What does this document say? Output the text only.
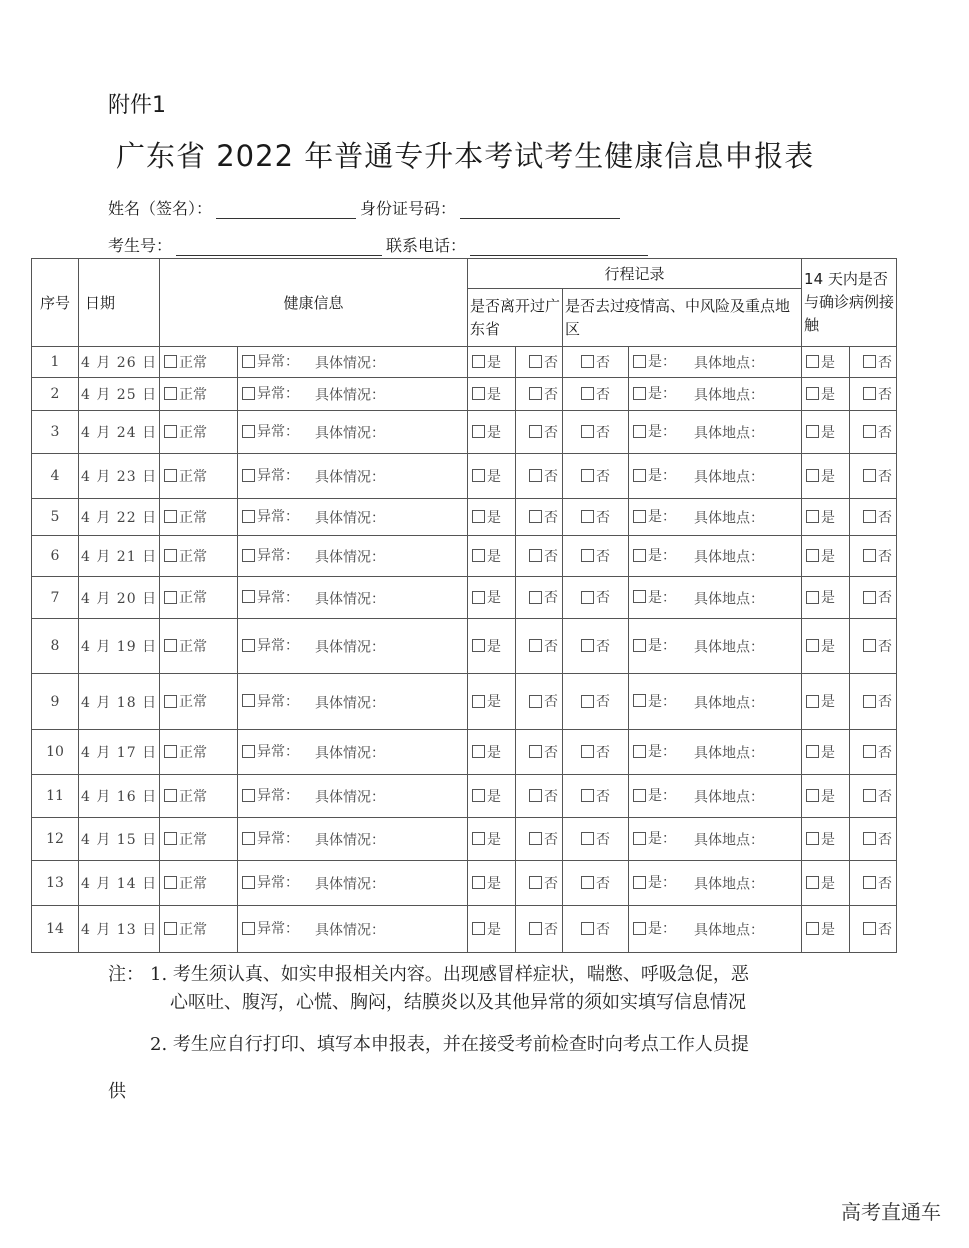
附件1
广东省 2022 年普通专升本考试考生健康信息申报表
姓名（签名）：	身份证号码：
考生号：	联系电话：
序号	日期	健康信息		行程记录				14 天内是否与确诊病例接触	
				是否离开过广东省		是否去过疫情高、中风险及重点地区			
1	4 月 26 日	正常	异常： 具体情况：	是	否	否	是： 具体地点：	是	否

2	4 月 25 日	正常	异常： 具体情况：	是	否	否	是： 具体地点：	是	否

3	4 月 24 日	正常	异常： 具体情况：	是	否	否	是： 具体地点：	是	否

4	4 月 23 日	正常	异常： 具体情况：	是	否	否	是： 具体地点：	是	否

5	4 月 22 日	正常	异常： 具体情况：	是	否	否	是： 具体地点：	是	否

6	4 月 21 日	正常	异常： 具体情况：	是	否	否	是： 具体地点：	是	否

7	4 月 20 日	正常	异常： 具体情况：	是	否	否	是： 具体地点：	是	否

8	4 月 19 日	正常	异常： 具体情况：	是	否	否	是： 具体地点：	是	否

9	4 月 18 日	正常	异常： 具体情况：	是	否	否	是： 具体地点：	是	否

10	4 月 17 日	正常	异常： 具体情况：	是	否	否	是： 具体地点：	是	否

11	4 月 16 日	正常	异常： 具体情况：	是	否	否	是： 具体地点：	是	否

12	4 月 15 日	正常	异常： 具体情况：	是	否	否	是： 具体地点：	是	否

13	4 月 14 日	正常	异常： 具体情况：	是	否	否	是： 具体地点：	是	否

14	4 月 13 日	正常	异常： 具体情况：	是	否	否	是： 具体地点：	是	否
注： 1. 考生须认真、如实申报相关内容。出现感冒样症状，喘憋、呼吸急促，恶
心呕吐、腹泻，心慌、胸闷，结膜炎以及其他异常的须如实填写信息情况
2. 考生应自行打印、填写本申报表，并在接受考前检查时向考点工作人员提
供
高考直通车
